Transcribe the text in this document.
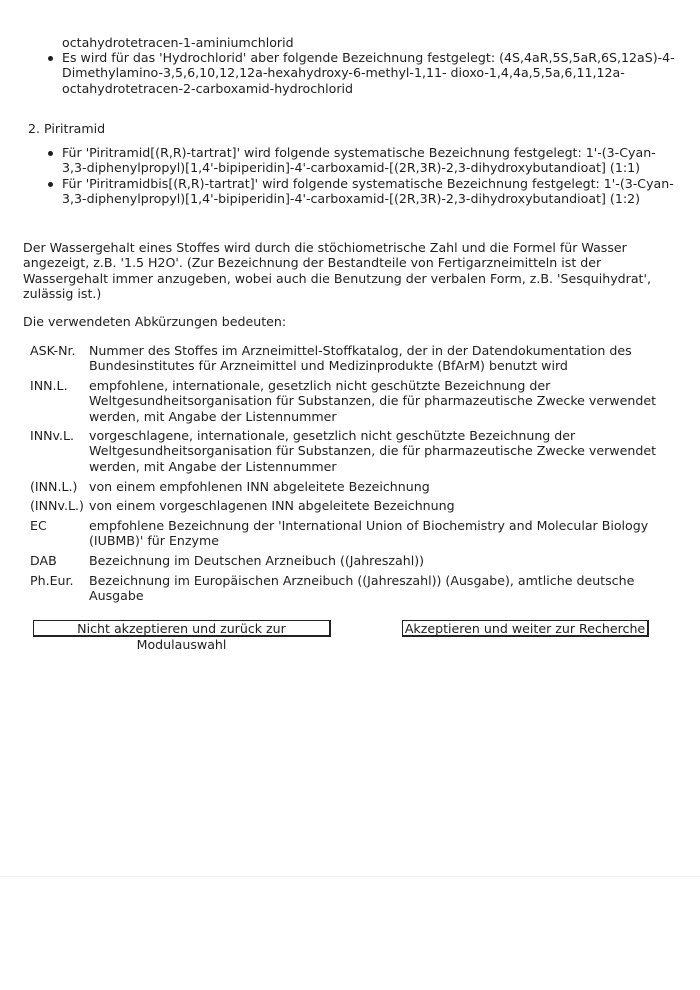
octahydrotetracen-1-aminiumchlorid
Es wird für das 'Hydrochlorid' aber folgende Bezeichnung festgelegt: (4S,4aR,5S,5aR,6S,12aS)-4-
Dimethylamino-3,5,6,10,12,12a-hexahydroxy-6-methyl-1,11- dioxo-1,4,4a,5,5a,6,11,12a-
octahydrotetracen-2-carboxamid-hydrochlorid
2. Piritramid
Für 'Piritramid[(R,R)-tartrat]' wird folgende systematische Bezeichnung festgelegt: 1'-(3-Cyan-
3,3-diphenylpropyl)[1,4'-bipiperidin]-4'-carboxamid-[(2R,3R)-2,3-dihydroxybutandioat] (1:1)
Für 'Piritramidbis[(R,R)-tartrat]' wird folgende systematische Bezeichnung festgelegt: 1'-(3-Cyan-
3,3-diphenylpropyl)[1,4'-bipiperidin]-4'-carboxamid-[(2R,3R)-2,3-dihydroxybutandioat] (1:2)
Der Wassergehalt eines Stoffes wird durch die stöchiometrische Zahl und die Formel für Wasser
angezeigt, z.B. '1.5 H2O'. (Zur Bezeichnung der Bestandteile von Fertigarzneimitteln ist der
Wassergehalt immer anzugeben, wobei auch die Benutzung der verbalen Form, z.B. 'Sesquihydrat',
zulässig ist.)
Die verwendeten Abkürzungen bedeuten:
ASK-Nr. Nummer des Stoffes im Arzneimittel-Stoffkatalog, der in der Datendokumentation des
Bundesinstitutes für Arzneimittel und Medizinprodukte (BfArM) benutzt wird
INN.L. empfohlene, internationale, gesetzlich nicht geschützte Bezeichnung der
Weltgesundheitsorganisation für Substanzen, die für pharmazeutische Zwecke verwendet
werden, mit Angabe der Listennummer
INNv.L. vorgeschlagene, internationale, gesetzlich nicht geschützte Bezeichnung der
Weltgesundheitsorganisation für Substanzen, die für pharmazeutische Zwecke verwendet
werden, mit Angabe der Listennummer
(INN.L.) von einem empfohlenen INN abgeleitete Bezeichnung
(INNv.L.) von einem vorgeschlagenen INN abgeleitete Bezeichnung
EC	empfohlene Bezeichnung der 'International Union of Biochemistry and Molecular Biology
(IUBMB)' für Enzyme
DAB	Bezeichnung im Deutschen Arzneibuch ((Jahreszahl))
Ph.Eur. Bezeichnung im Europäischen Arzneibuch ((Jahreszahl)) (Ausgabe), amtliche deutsche
Ausgabe
Nicht akzeptieren und zurück zur Modulauswahl
Akzeptieren und weiter zur Recherche
